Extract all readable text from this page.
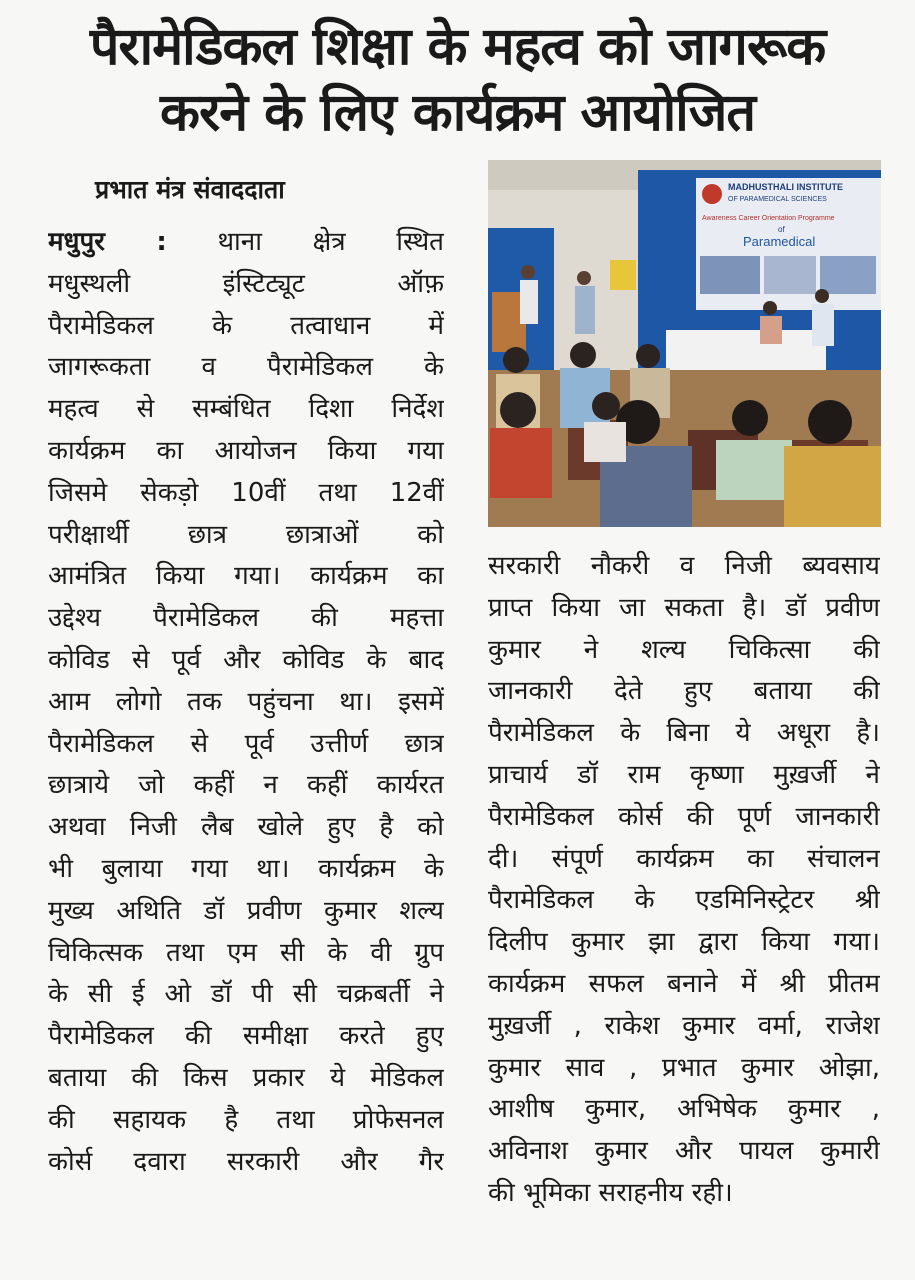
पैरामेडिकल शिक्षा के महत्व को जागरूक
करने के लिए कार्यक्रम आयोजित

प्रभात मंत्र संवाददाता

मधुपुर : थाना क्षेत्र स्थित
मधुस्थली इंस्टिट्यूट ऑफ़
पैरामेडिकल के तत्वाधान में
जागरूकता व पैरामेडिकल के
महत्व से सम्बंधित दिशा निर्देश
कार्यक्रम का आयोजन किया गया
जिसमे सेकड़ो 10वीं तथा 12वीं
परीक्षार्थी छात्र छात्राओं को
आमंत्रित किया गया। कार्यक्रम का
उद्देश्य पैरामेडिकल की महत्ता
कोविड से पूर्व और कोविड के बाद
आम लोगो तक पहुंचना था। इसमें
पैरामेडिकल से पूर्व उत्तीर्ण छात्र
छात्राये जो कहीं न कहीं कार्यरत
अथवा निजी लैब खोले हुए है को
भी बुलाया गया था। कार्यक्रम के
मुख्य अथिति डॉ प्रवीण कुमार शल्य
चिकित्सक तथा एम सी के वी ग्रुप
के सी ई ओ डॉ पी सी चक्रबर्ती ने
पैरामेडिकल की समीक्षा करते हुए
बताया की किस प्रकार ये मेडिकल
की सहायक है तथा प्रोफेसनल
कोर्स दवारा सरकारी और गैर
MADHUSTHALI INSTITUTE
OF PARAMEDICAL SCIENCES
Awareness Career Orientation Programme
of
Paramedical
सरकारी नौकरी व निजी ब्यवसाय
प्राप्त किया जा सकता है। डॉ प्रवीण
कुमार ने शल्य चिकित्सा की
जानकारी देते हुए बताया की
पैरामेडिकल के बिना ये अधूरा है।
प्राचार्य डॉ राम कृष्णा मुख़र्जी ने
पैरामेडिकल कोर्स की पूर्ण जानकारी
दी। संपूर्ण कार्यक्रम का संचालन
पैरामेडिकल के एडमिनिस्ट्रेटर श्री
दिलीप कुमार झा द्वारा किया गया।
कार्यक्रम सफल बनाने में श्री प्रीतम
मुख़र्जी , राकेश कुमार वर्मा, राजेश
कुमार साव , प्रभात कुमार ओझा,
आशीष कुमार, अभिषेक कुमार ,
अविनाश कुमार और पायल कुमारी
की भूमिका सराहनीय रही।
